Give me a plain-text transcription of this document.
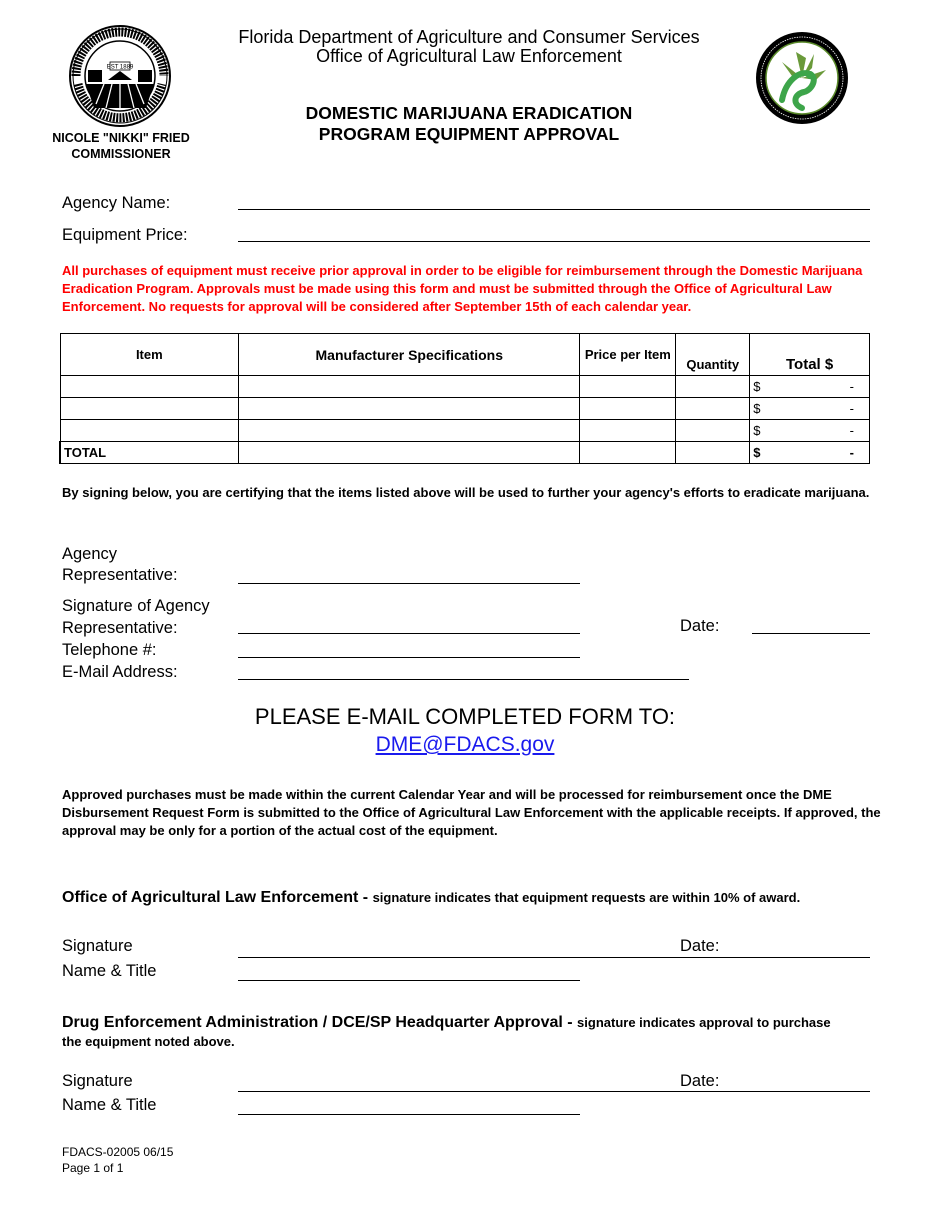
EST 1889
NICOLE "NIKKI" FRIED
COMMISSIONER
Florida Department of Agriculture and Consumer Services
Office of Agricultural Law Enforcement
DOMESTIC MARIJUANA ERADICATION
PROGRAM EQUIPMENT APPROVAL
Agency Name:
Equipment Price:
All purchases of equipment must receive prior approval in order to be eligible for reimbursement through the Domestic Marijuana Eradication Program. Approvals must be made using this form and must be submitted through the Office of Agricultural Law Enforcement. No requests for approval will be considered after September 15th of each calendar year.
Item	Manufacturer Specifications	Price per Item	Quantity	Total $

				$ -

				$ -

				$ -

TOTAL				$ -
By signing below, you are certifying that the items listed above will be used to further your agency's efforts to eradicate marijuana.
Agency
Representative:
Signature of Agency
Representative:	Date:
Telephone #:
E-Mail Address:
PLEASE E-MAIL COMPLETED FORM TO:
DME@FDACS.gov
Approved purchases must be made within the current Calendar Year and will be processed for reimbursement once the DME Disbursement Request Form is submitted to the Office of Agricultural Law Enforcement with the applicable receipts. If approved, the approval may be only for a portion of the actual cost of the equipment.
Office of Agricultural Law Enforcement - signature indicates that equipment requests are within 10% of award.
Signature	Date:
Name & Title
Drug Enforcement Administration / DCE/SP Headquarter Approval - signature indicates approval to purchase the equipment noted above.
Signature	Date:
Name & Title
FDACS-02005 06/15
Page 1 of 1
